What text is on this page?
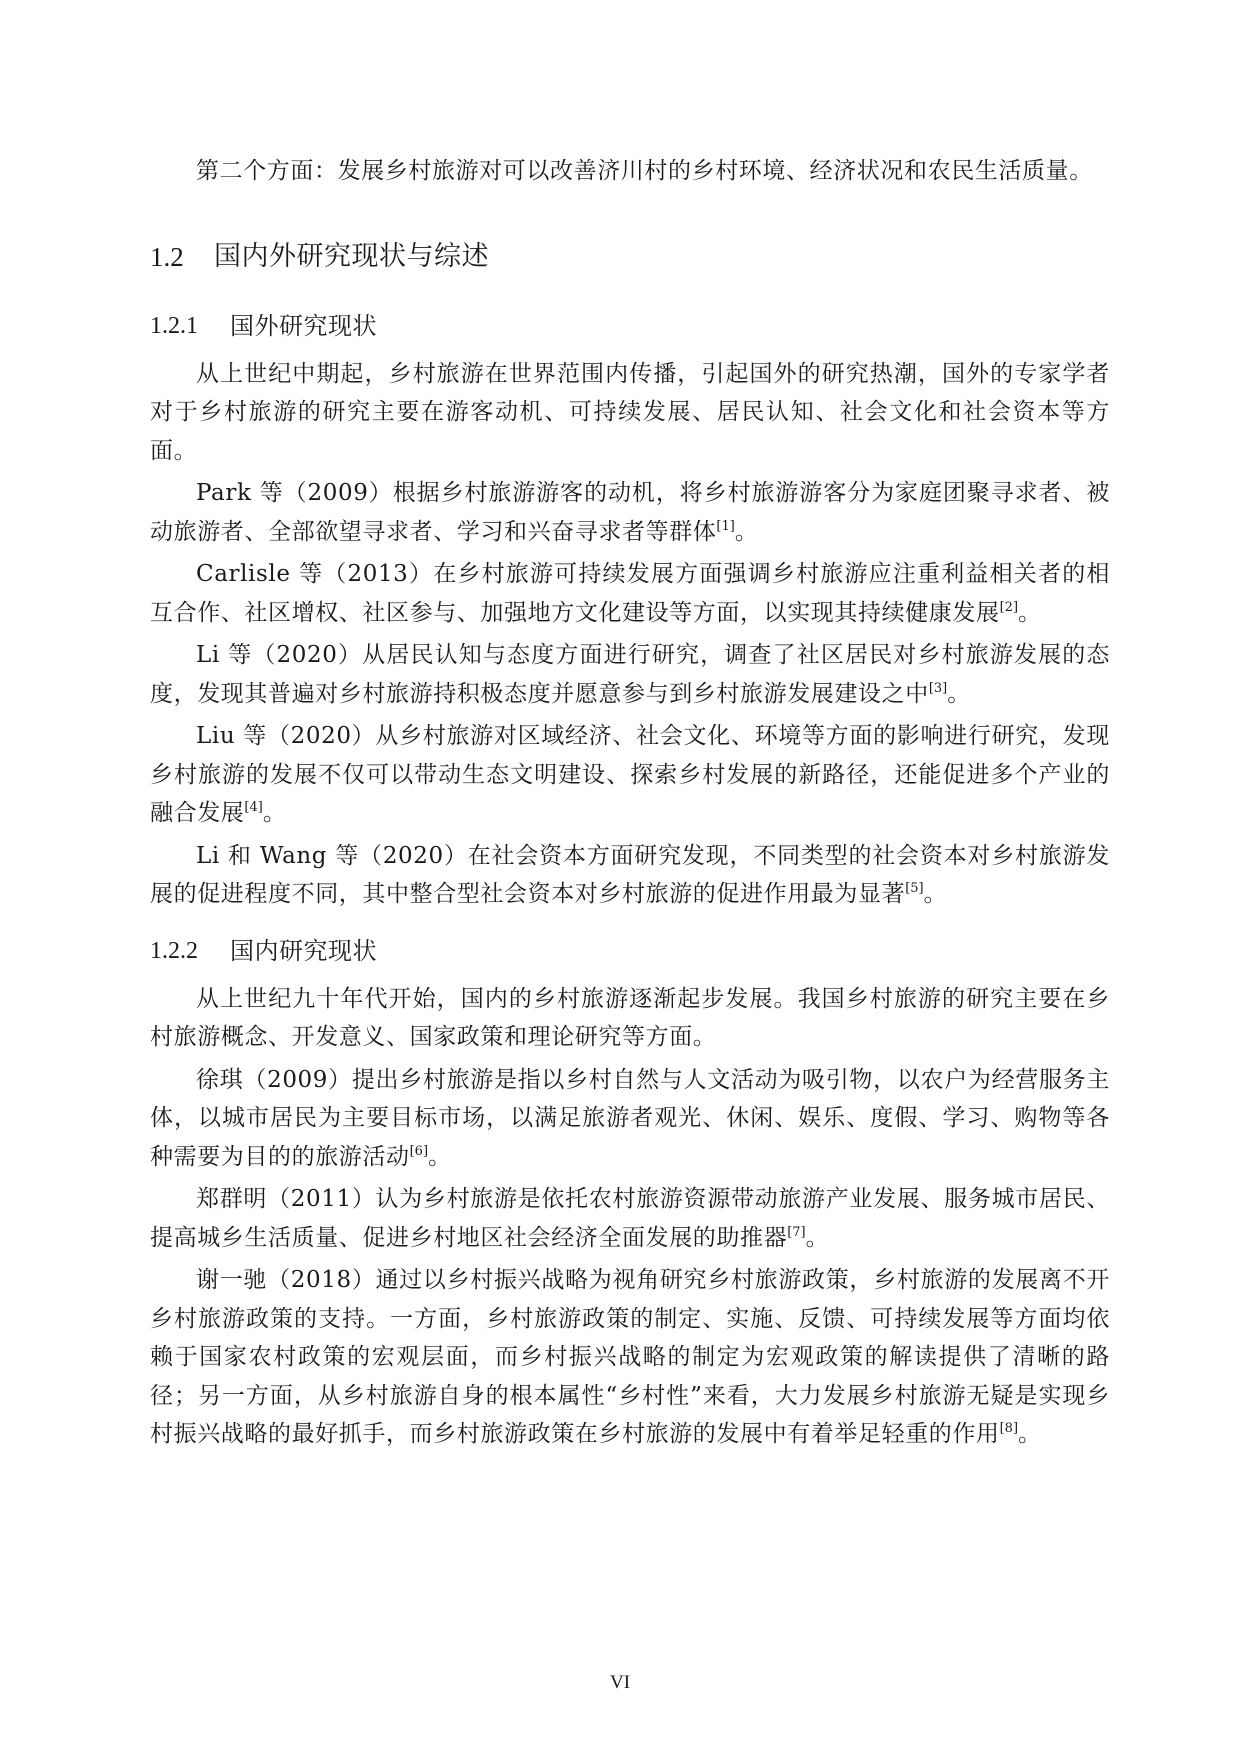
第二个方面：发展乡村旅游对可以改善济川村的乡村环境、经济状况和农民生活质量。

1.2	国内外研究现状与综述
1.2.1	国外研究现状

从上世纪中期起，乡村旅游在世界范围内传播，引起国外的研究热潮，国外的专家学者对于乡村旅游的研究主要在游客动机、可持续发展、居民认知、社会文化和社会资本等方面。

Park 等（2009）根据乡村旅游游客的动机，将乡村旅游游客分为家庭团聚寻求者、被动旅游者、全部欲望寻求者、学习和兴奋寻求者等群体[1]。

Carlisle 等（2013）在乡村旅游可持续发展方面强调乡村旅游应注重利益相关者的相互合作、社区增权、社区参与、加强地方文化建设等方面，以实现其持续健康发展[2]。

Li 等（2020）从居民认知与态度方面进行研究，调查了社区居民对乡村旅游发展的态度，发现其普遍对乡村旅游持积极态度并愿意参与到乡村旅游发展建设之中[3]。

Liu 等（2020）从乡村旅游对区域经济、社会文化、环境等方面的影响进行研究，发现乡村旅游的发展不仅可以带动生态文明建设、探索乡村发展的新路径，还能促进多个产业的融合发展[4]。

Li 和 Wang 等（2020）在社会资本方面研究发现，不同类型的社会资本对乡村旅游发展的促进程度不同，其中整合型社会资本对乡村旅游的促进作用最为显著[5]。

1.2.2	国内研究现状

从上世纪九十年代开始，国内的乡村旅游逐渐起步发展。我国乡村旅游的研究主要在乡村旅游概念、开发意义、国家政策和理论研究等方面。

徐琪（2009）提出乡村旅游是指以乡村自然与人文活动为吸引物，以农户为经营服务主体，以城市居民为主要目标市场，以满足旅游者观光、休闲、娱乐、度假、学习、购物等各种需要为目的的旅游活动[6]。

郑群明（2011）认为乡村旅游是依托农村旅游资源带动旅游产业发展、服务城市居民、提高城乡生活质量、促进乡村地区社会经济全面发展的助推器[7]。

谢一驰（2018）通过以乡村振兴战略为视角研究乡村旅游政策，乡村旅游的发展离不开乡村旅游政策的支持。一方面，乡村旅游政策的制定、实施、反馈、可持续发展等方面均依赖于国家农村政策的宏观层面，而乡村振兴战略的制定为宏观政策的解读提供了清晰的路径；另一方面，从乡村旅游自身的根本属性“乡村性”来看，大力发展乡村旅游无疑是实现乡村振兴战略的最好抓手，而乡村旅游政策在乡村旅游的发展中有着举足轻重的作用[8]。

VI
